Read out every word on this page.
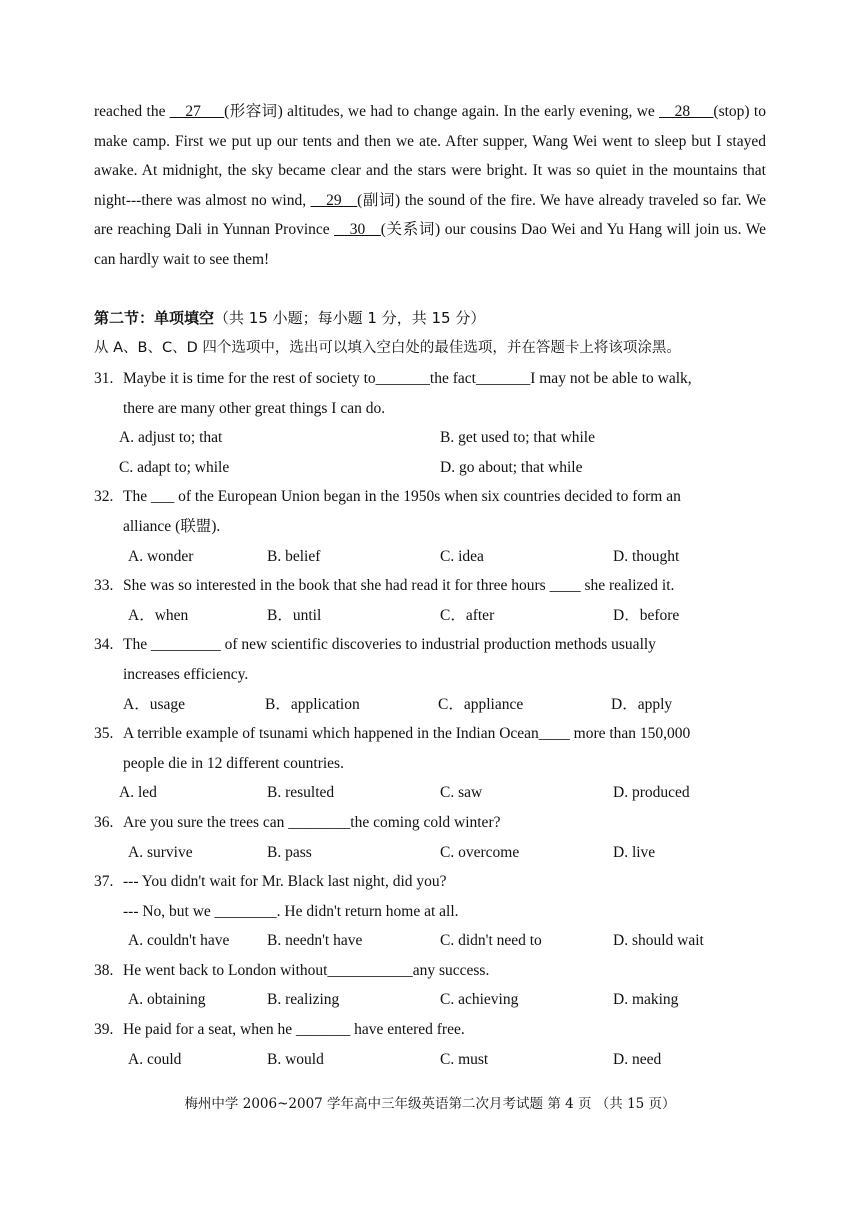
reached the __27___(形容词) altitudes, we had to change again. In the early evening, we __28___(stop) to make camp. First we put up our tents and then we ate. After supper, Wang Wei went to sleep but I stayed awake. At midnight, the sky became clear and the stars were bright. It was so quiet in the mountains that night---there was almost no wind, __29__(副词) the sound of the fire. We have already traveled so far. We are reaching Dali in Yunnan Province __30__(关系词) our cousins Dao Wei and Yu Hang will join us. We can hardly wait to see them!

第二节：单项填空（共 15 小题；每小题 1 分，共 15 分）
从 A、B、C、D 四个选项中，选出可以填入空白处的最佳选项，并在答题卡上将该项涂黑。
31. Maybe it is time for the rest of society to_______the fact_______I may not be able to walk,
there are many other great things I can do.
A. adjust to; that	B. get used to; that while
C. adapt to; while	D. go about; that while
32. The ___ of the European Union began in the 1950s when six countries decided to form an
alliance (联盟).
A. wonder	B. belief	C. idea	D. thought
33. She was so interested in the book that she had read it for three hours ____ she realized it.
A．when	B．until	C．after	D．before
34. The _________ of new scientific discoveries to industrial production methods usually
increases efficiency.
A．usage	B．application	C．appliance	D．apply
35. A terrible example of tsunami which happened in the Indian Ocean____ more than 150,000
people die in 12 different countries.
A. led	B. resulted	C. saw	D. produced
36. Are you sure the trees can ________the coming cold winter?
A. survive	B. pass	C. overcome	D. live
37. --- You didn't wait for Mr. Black last night, did you?
--- No, but we ________. He didn't return home at all.
A. couldn't have B. needn't have	C. didn't need to	D. should wait
38. He went back to London without___________any success.
A. obtaining	B. realizing	C. achieving	D. making
39. He paid for a seat, when he _______ have entered free.
A. could	B. would	C. must	D. need
梅州中学 2006~2007 学年高中三年级英语第二次月考试题 第 4 页 （共 15 页）
